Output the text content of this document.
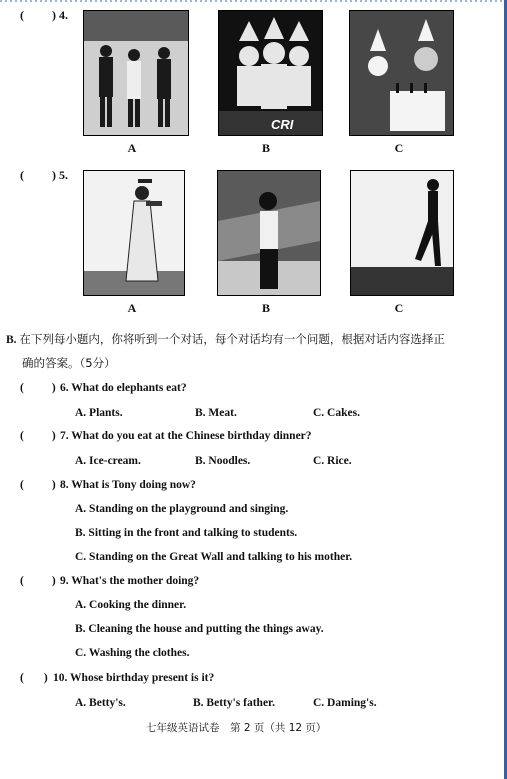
( ) 4.
CRI
A	B	C
( ) 5.
A	B	C
B. 在下列每小题内，你将听到一个对话，每个对话均有一个问题，根据对话内容选择正
确的答案。（5分）
( ) 6. What do elephants eat?
A. Plants.	B. Meat.	C. Cakes.
( ) 7. What do you eat at the Chinese birthday dinner?
A. Ice-cream.	B. Noodles.	C. Rice.
( ) 8. What is Tony doing now?
A. Standing on the playground and singing.
B. Sitting in the front and talking to students.
C. Standing on the Great Wall and talking to his mother.
( ) 9. What's the mother doing?
A. Cooking the dinner.
B. Cleaning the house and putting the things away.
C. Washing the clothes.
( ) 10. Whose birthday present is it?
A. Betty's.	B. Betty's father.	C. Daming's.
七年级英语试卷　第 2 页（共 12 页）
